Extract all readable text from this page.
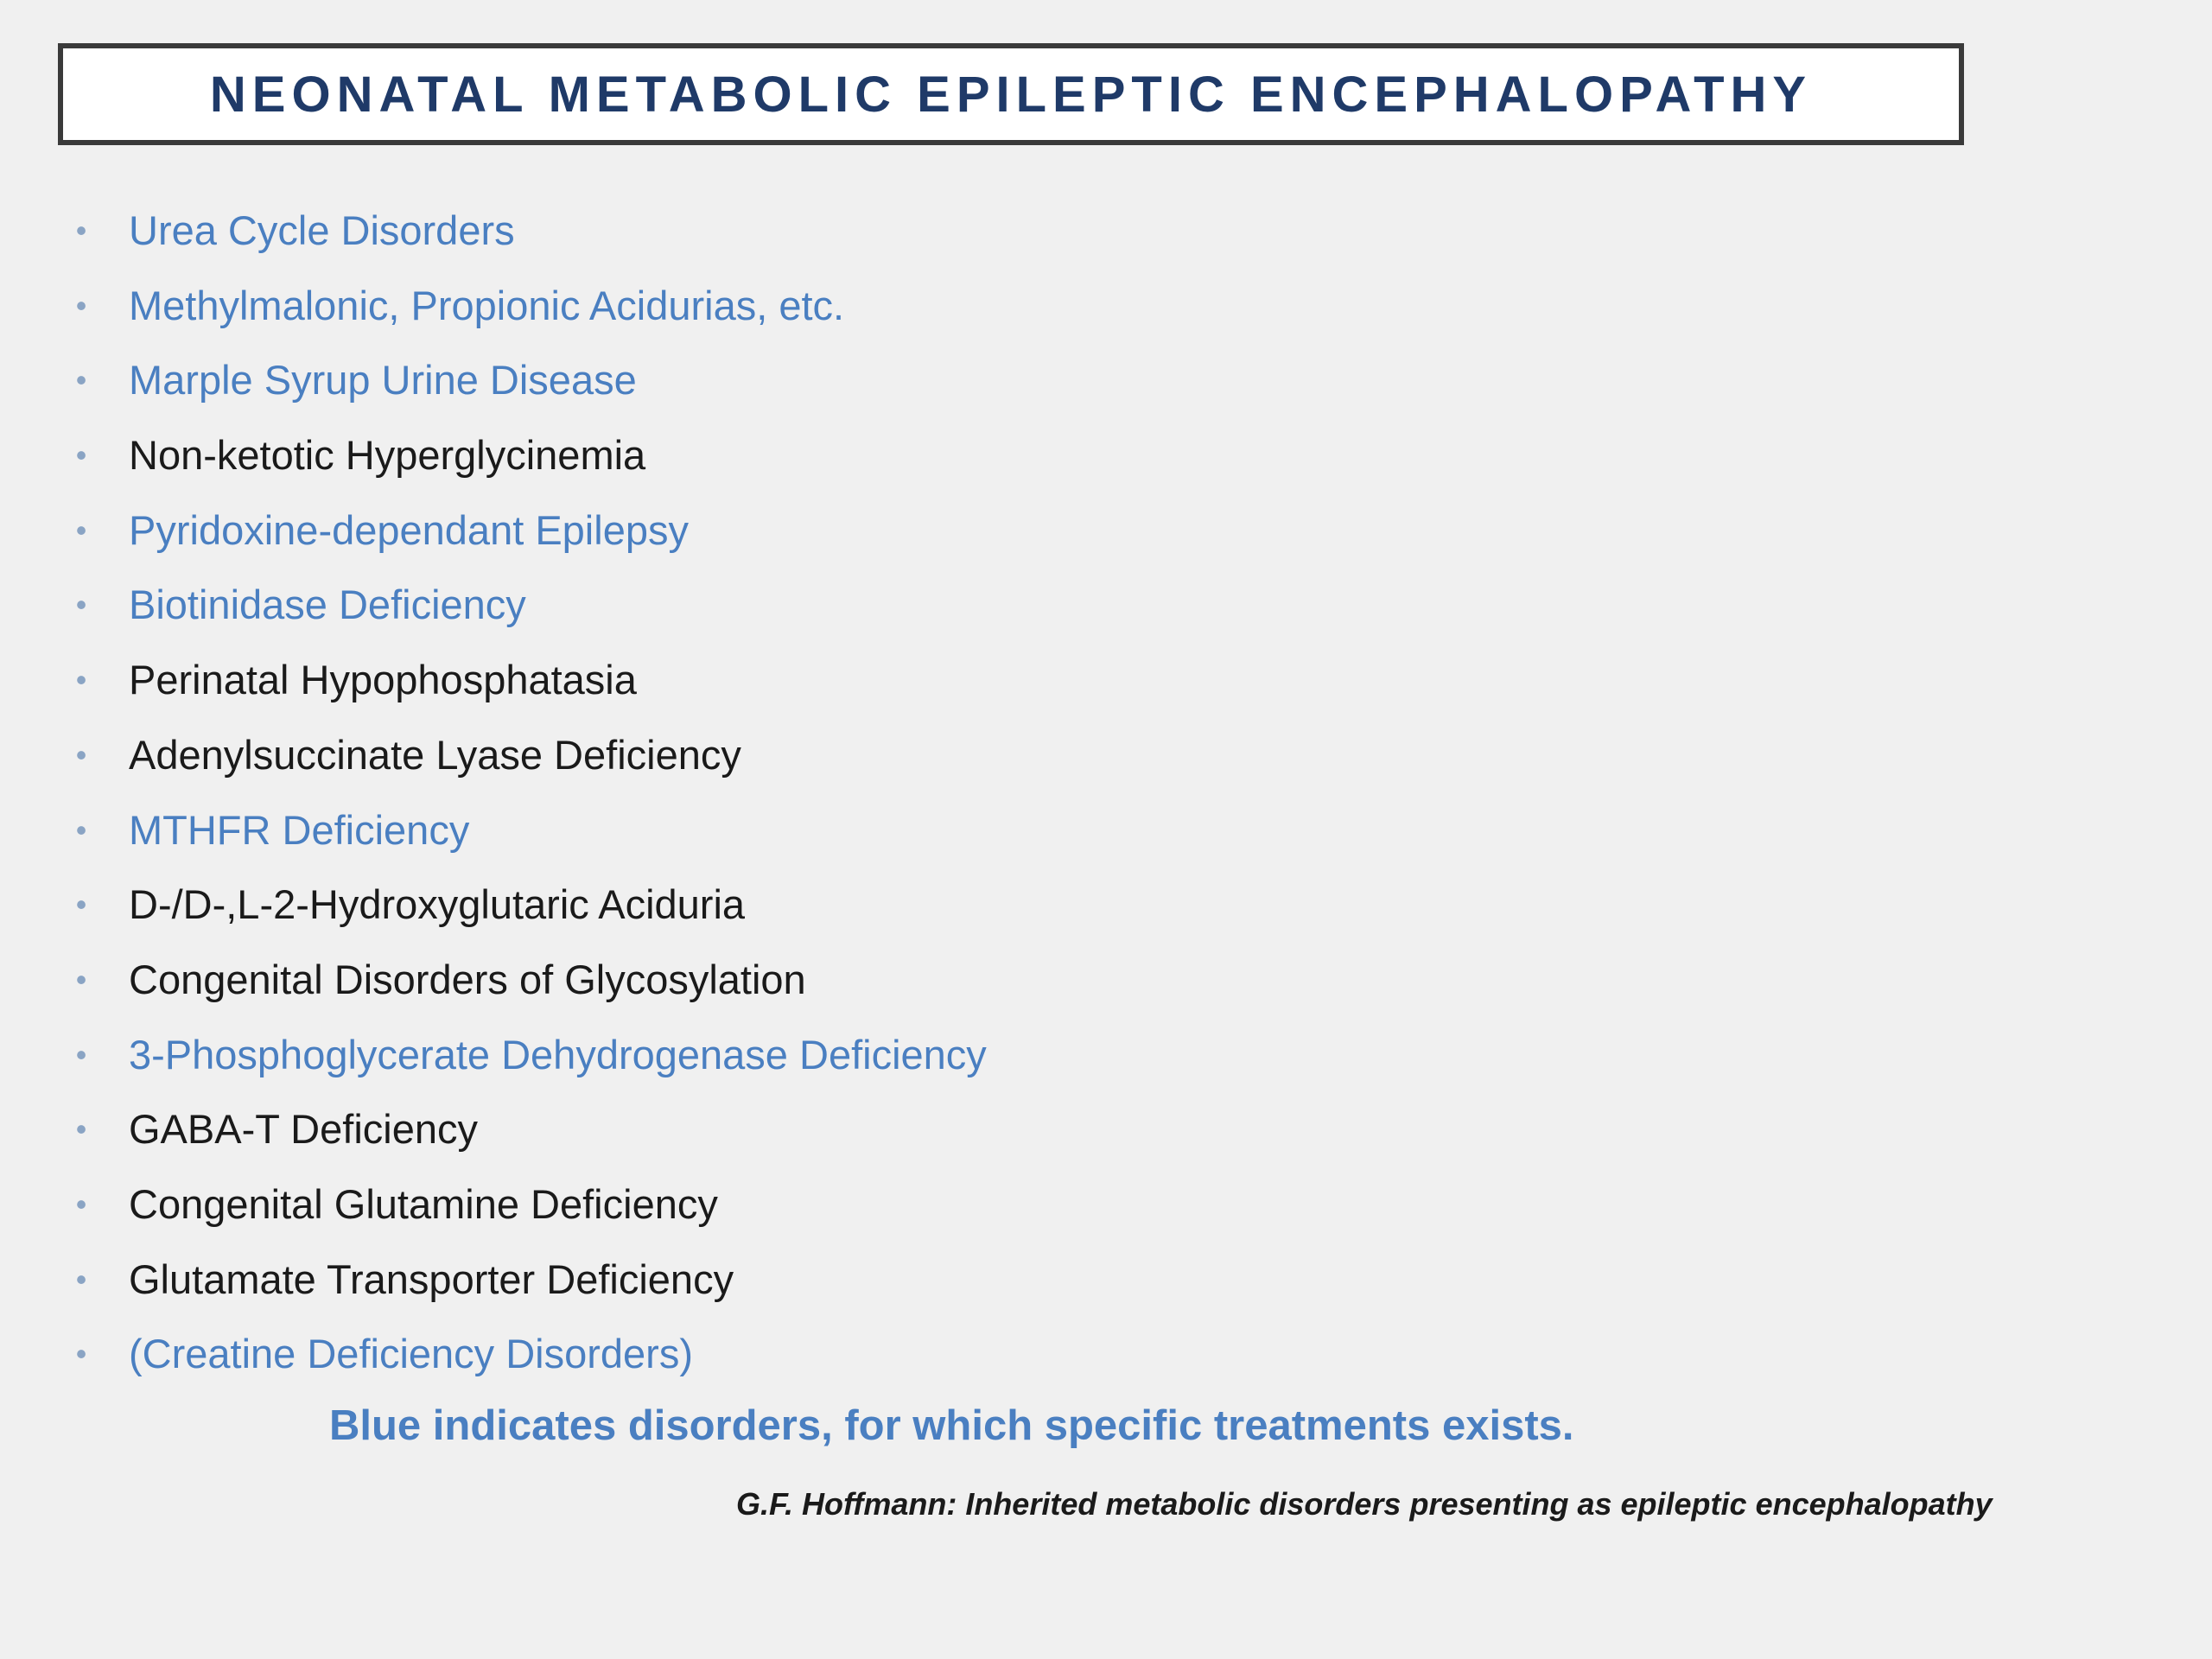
NEONATAL METABOLIC EPILEPTIC ENCEPHALOPATHY
• Urea Cycle Disorders
• Methylmalonic, Propionic Acidurias, etc.
• Marple Syrup Urine Disease
• Non-ketotic Hyperglycinemia
• Pyridoxine-dependant Epilepsy
• Biotinidase Deficiency
• Perinatal Hypophosphatasia
• Adenylsuccinate Lyase Deficiency
• MTHFR Deficiency
• D-/D-,L-2-Hydroxyglutaric Aciduria
• Congenital Disorders of Glycosylation
• 3-Phosphoglycerate Dehydrogenase Deficiency
• GABA-T Deficiency
• Congenital Glutamine Deficiency
• Glutamate Transporter Deficiency
• (Creatine Deficiency Disorders)
Blue indicates disorders, for which specific treatments exists.
G.F. Hoffmann: Inherited metabolic disorders presenting as epileptic encephalopathy
